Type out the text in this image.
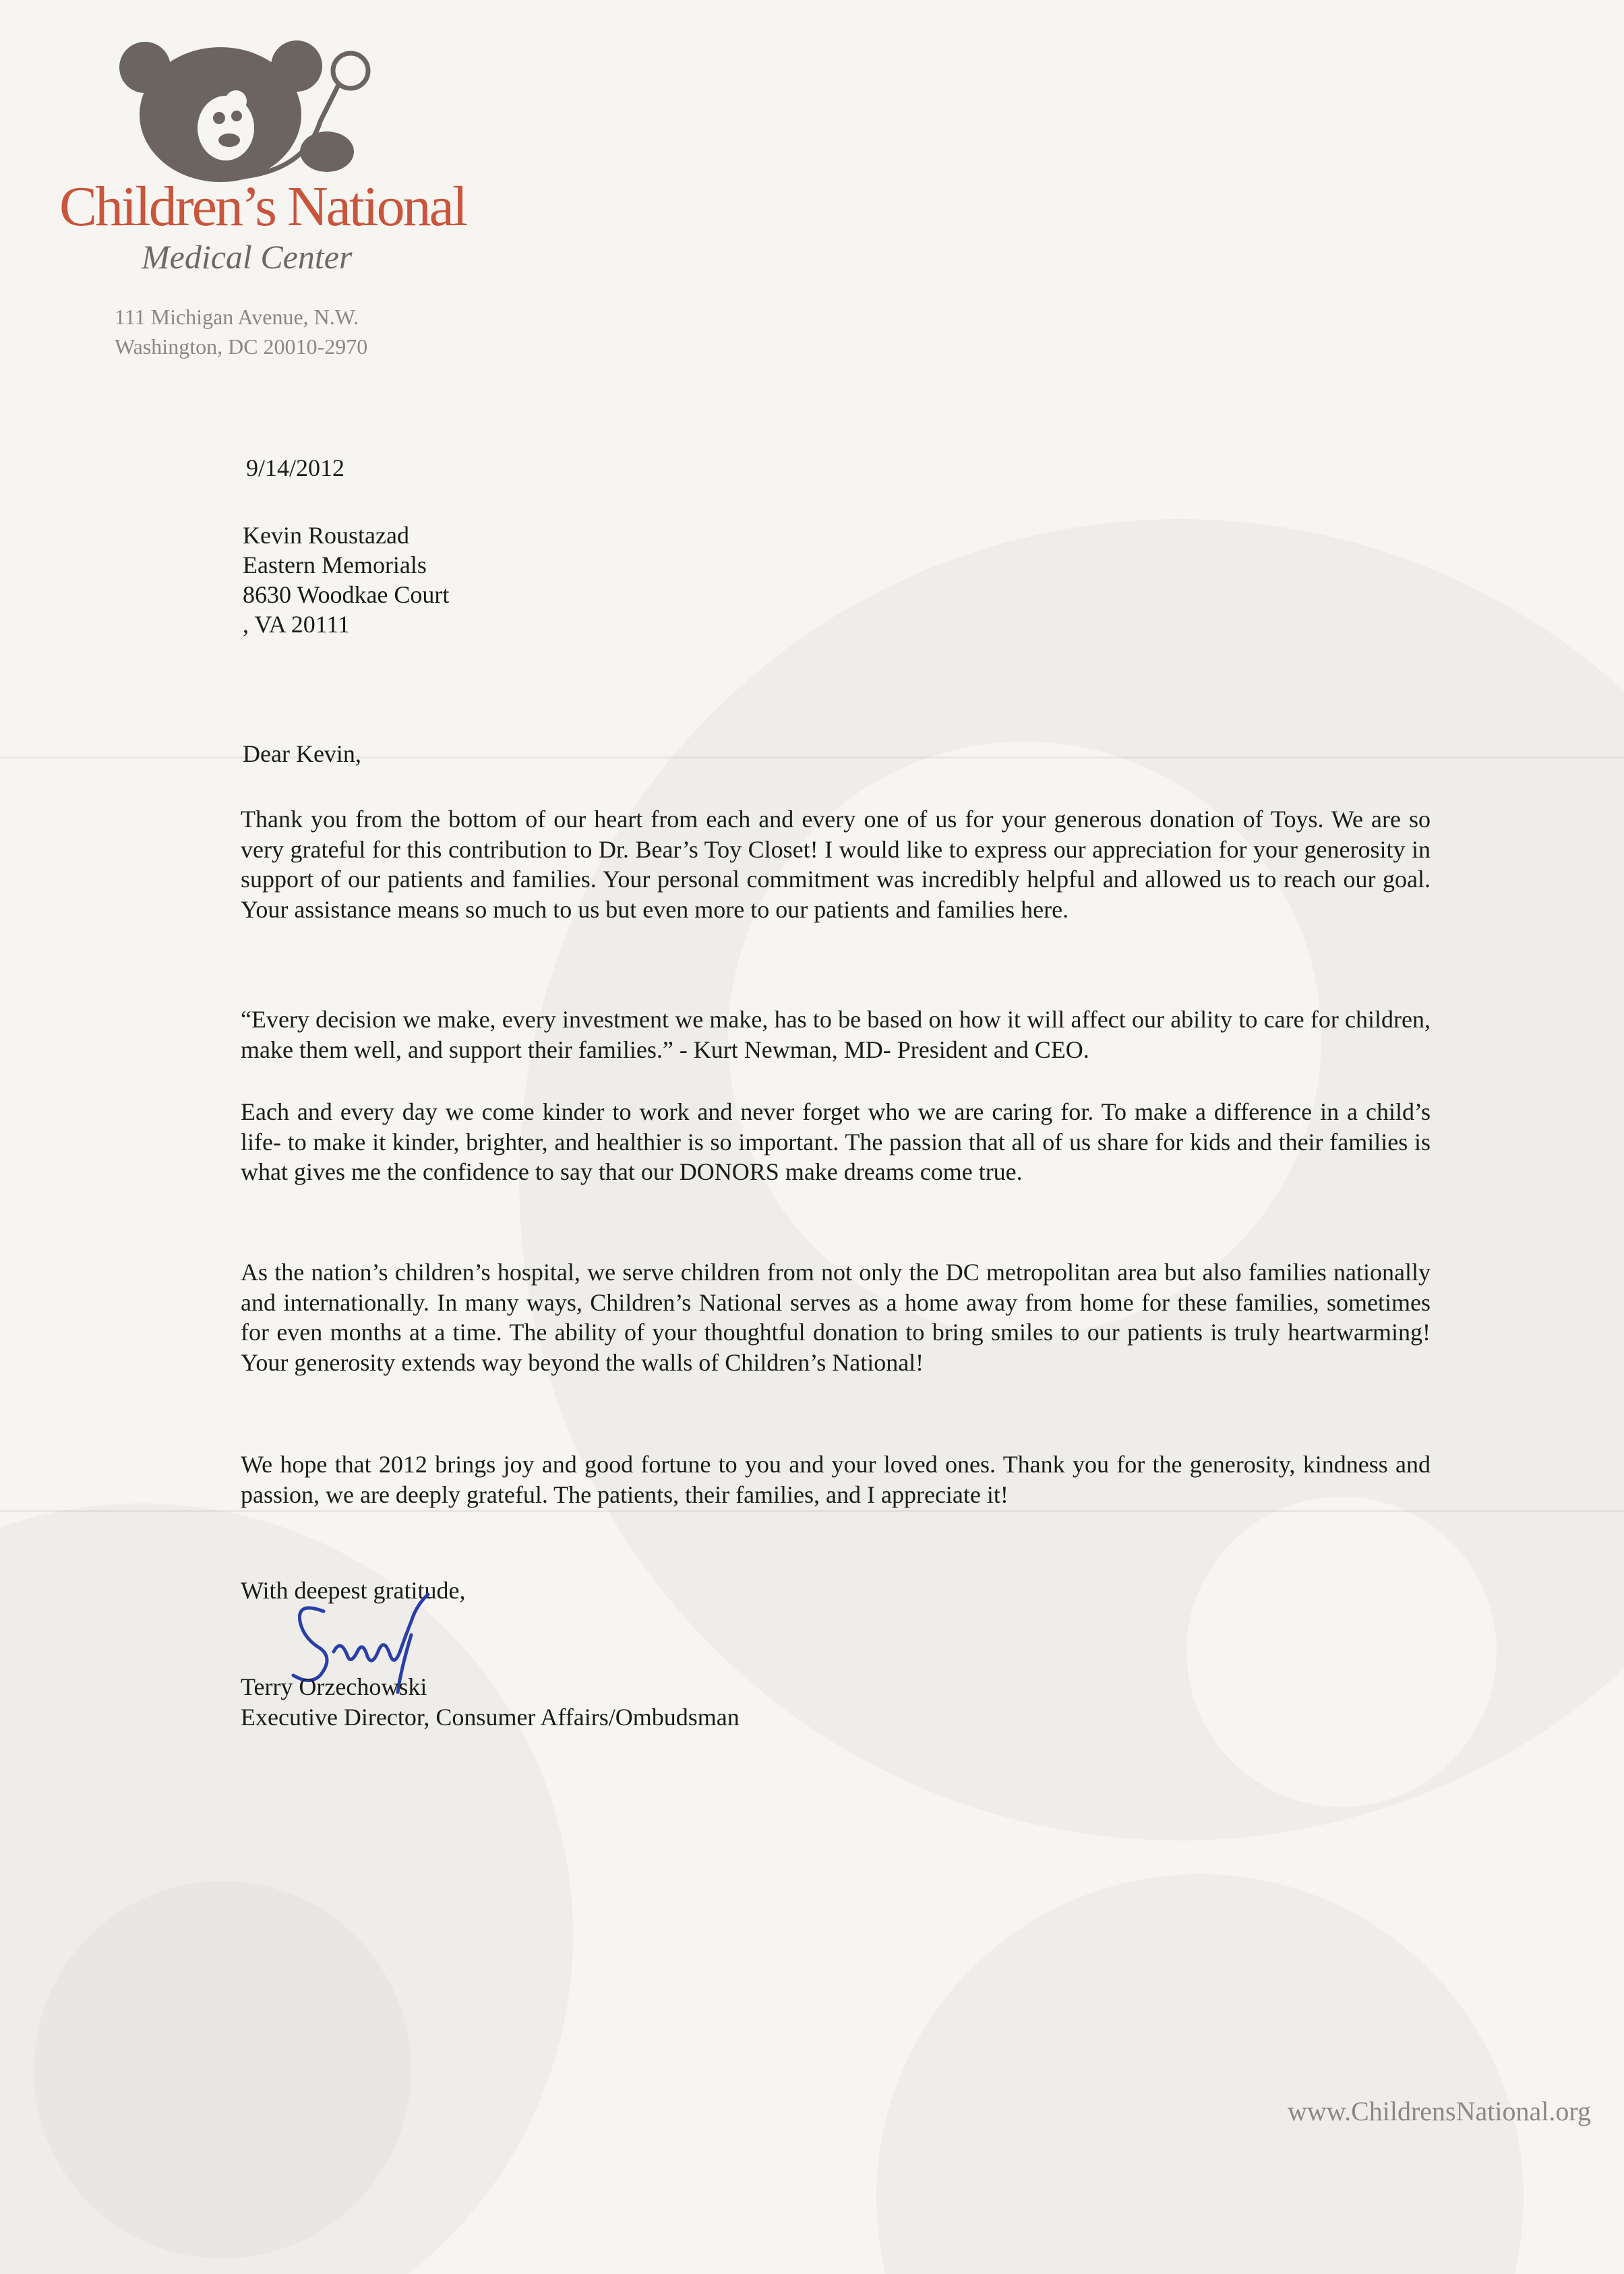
Children’s National
Medical Center
111 Michigan Avenue, N.W.
Washington, DC 20010-2970
9/14/2012
Kevin Roustazad
Eastern Memorials
8630 Woodkae Court
, VA 20111
Dear Kevin,
Thank you from the bottom of our heart from each and every one of us for your generous donation of Toys. We are so very grateful for this contribution to Dr. Bear’s Toy Closet! I would like to express our appreciation for your generosity in support of our patients and families. Your personal commitment was incredibly helpful and allowed us to reach our goal. Your assistance means so much to us but even more to our patients and families here.
“Every decision we make, every investment we make, has to be based on how it will affect our ability to care for children, make them well, and support their families.” - Kurt Newman, MD- President and CEO.
Each and every day we come kinder to work and never forget who we are caring for. To make a difference in a child’s life- to make it kinder, brighter, and healthier is so important. The passion that all of us share for kids and their families is what gives me the confidence to say that our DONORS make dreams come true.
As the nation’s children’s hospital, we serve children from not only the DC metropolitan area but also families nationally and internationally. In many ways, Children’s National serves as a home away from home for these families, sometimes for even months at a time. The ability of your thoughtful donation to bring smiles to our patients is truly heartwarming! Your generosity extends way beyond the walls of Children’s National!
We hope that 2012 brings joy and good fortune to you and your loved ones. Thank you for the generosity, kindness and passion, we are deeply grateful. The patients, their families, and I appreciate it!
With deepest gratitude,
Terry Orzechowski
Executive Director, Consumer Affairs/Ombudsman
www.ChildrensNational.org
